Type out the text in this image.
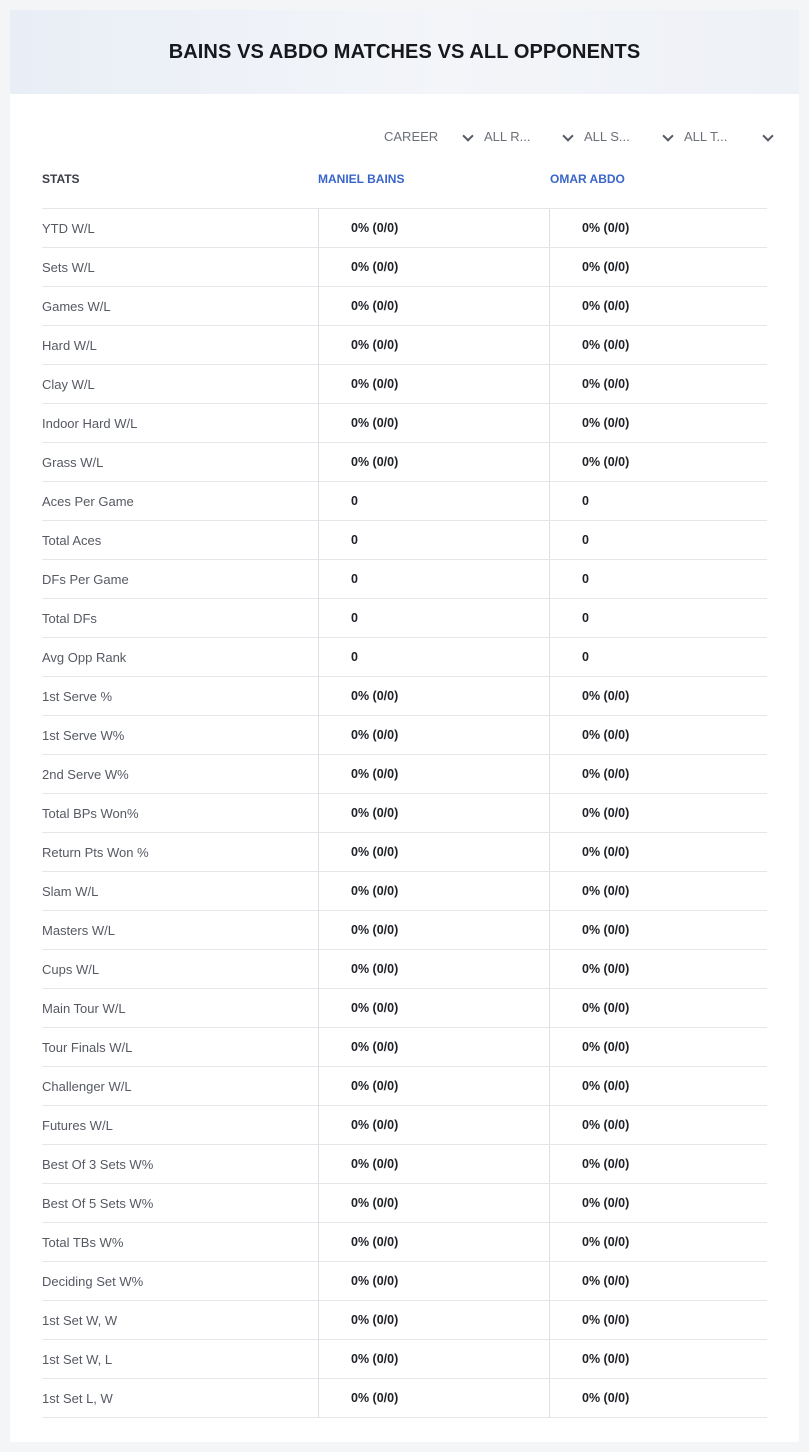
BAINS VS ABDO MATCHES VS ALL OPPONENTS
CAREER	ALL R...	ALL S...	ALL T...
STATS	MANIEL BAINS	OMAR ABDO
YTD W/L	0% (0/0)	0% (0/0)
Sets W/L	0% (0/0)	0% (0/0)
Games W/L	0% (0/0)	0% (0/0)
Hard W/L	0% (0/0)	0% (0/0)
Clay W/L	0% (0/0)	0% (0/0)
Indoor Hard W/L	0% (0/0)	0% (0/0)
Grass W/L	0% (0/0)	0% (0/0)
Aces Per Game	0	0
Total Aces	0	0
DFs Per Game	0	0
Total DFs	0	0
Avg Opp Rank	0	0
1st Serve %	0% (0/0)	0% (0/0)
1st Serve W%	0% (0/0)	0% (0/0)
2nd Serve W%	0% (0/0)	0% (0/0)
Total BPs Won%	0% (0/0)	0% (0/0)
Return Pts Won %	0% (0/0)	0% (0/0)
Slam W/L	0% (0/0)	0% (0/0)
Masters W/L	0% (0/0)	0% (0/0)
Cups W/L	0% (0/0)	0% (0/0)
Main Tour W/L	0% (0/0)	0% (0/0)
Tour Finals W/L	0% (0/0)	0% (0/0)
Challenger W/L	0% (0/0)	0% (0/0)
Futures W/L	0% (0/0)	0% (0/0)
Best Of 3 Sets W%	0% (0/0)	0% (0/0)
Best Of 5 Sets W%	0% (0/0)	0% (0/0)
Total TBs W%	0% (0/0)	0% (0/0)
Deciding Set W%	0% (0/0)	0% (0/0)
1st Set W, W	0% (0/0)	0% (0/0)
1st Set W, L	0% (0/0)	0% (0/0)
1st Set L, W	0% (0/0)	0% (0/0)
